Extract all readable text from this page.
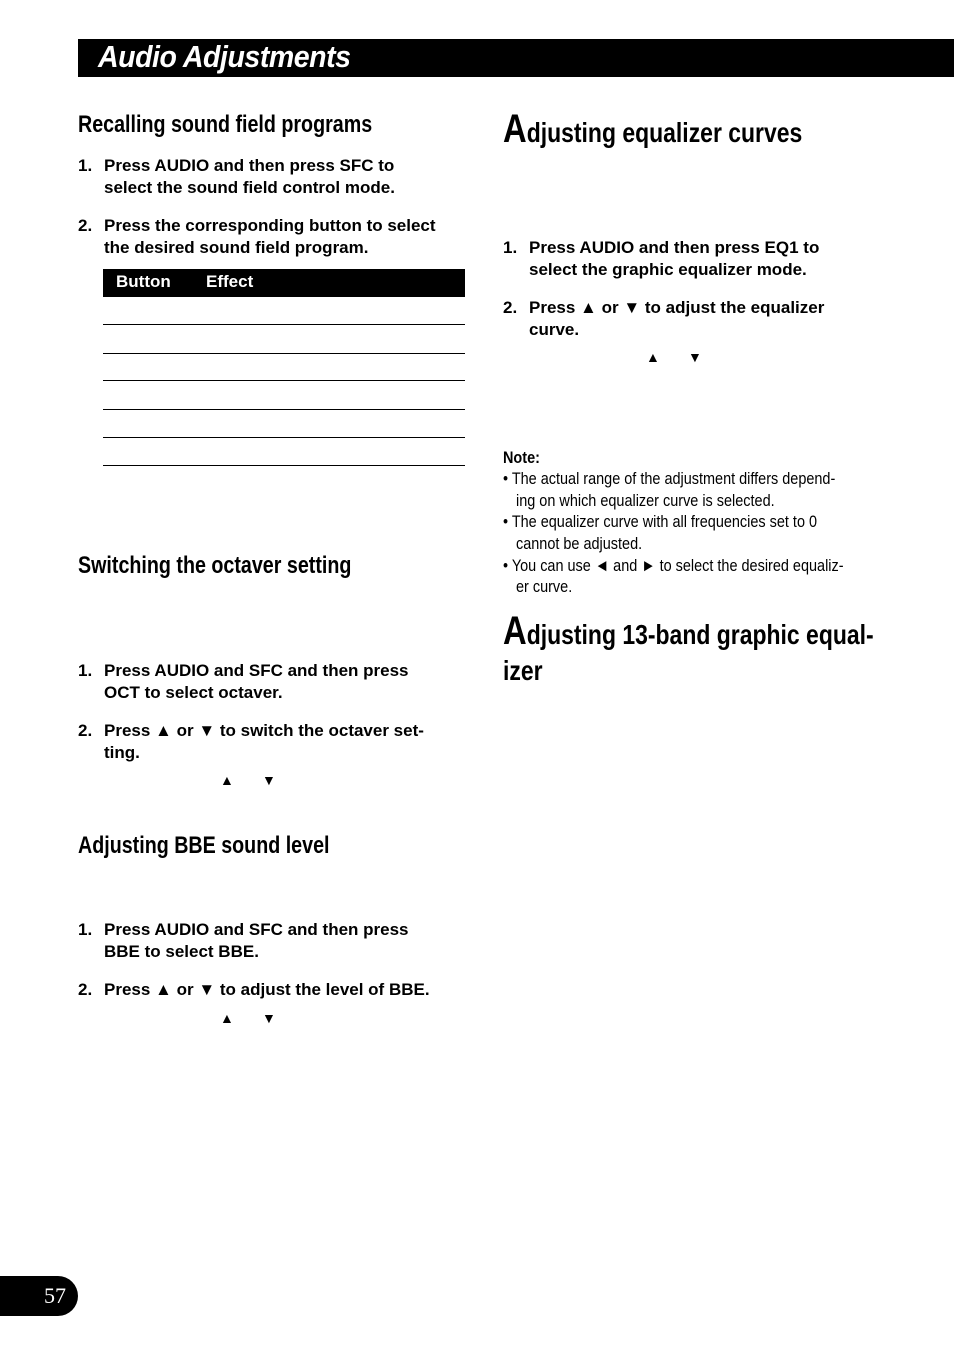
Audio Adjustments
Recalling sound field programs
1. Press AUDIO and then press SFC to
select the sound field control mode.
2. Press the corresponding button to select
the desired sound field program.
Button Effect
Switching the octaver setting
1. Press AUDIO and SFC and then press
OCT to select octaver.
2. Press ▲ or ▼ to switch the octaver set-
ting.
▲ ▼
Adjusting BBE sound level
1. Press AUDIO and SFC and then press
BBE to select BBE.
2. Press ▲ or ▼ to adjust the level of BBE.
▲ ▼
Adjusting equalizer curves
1. Press AUDIO and then press EQ1 to
select the graphic equalizer mode.
2. Press ▲ or ▼ to adjust the equalizer
curve.
▲ ▼
Note:
• The actual range of the adjustment differs depend-
ing on which equalizer curve is selected.
• The equalizer curve with all frequencies set to 0
cannot be adjusted.
• You can use ◄ and ► to select the desired equaliz-
er curve.
Adjusting 13-band graphic equal-
izer
57
